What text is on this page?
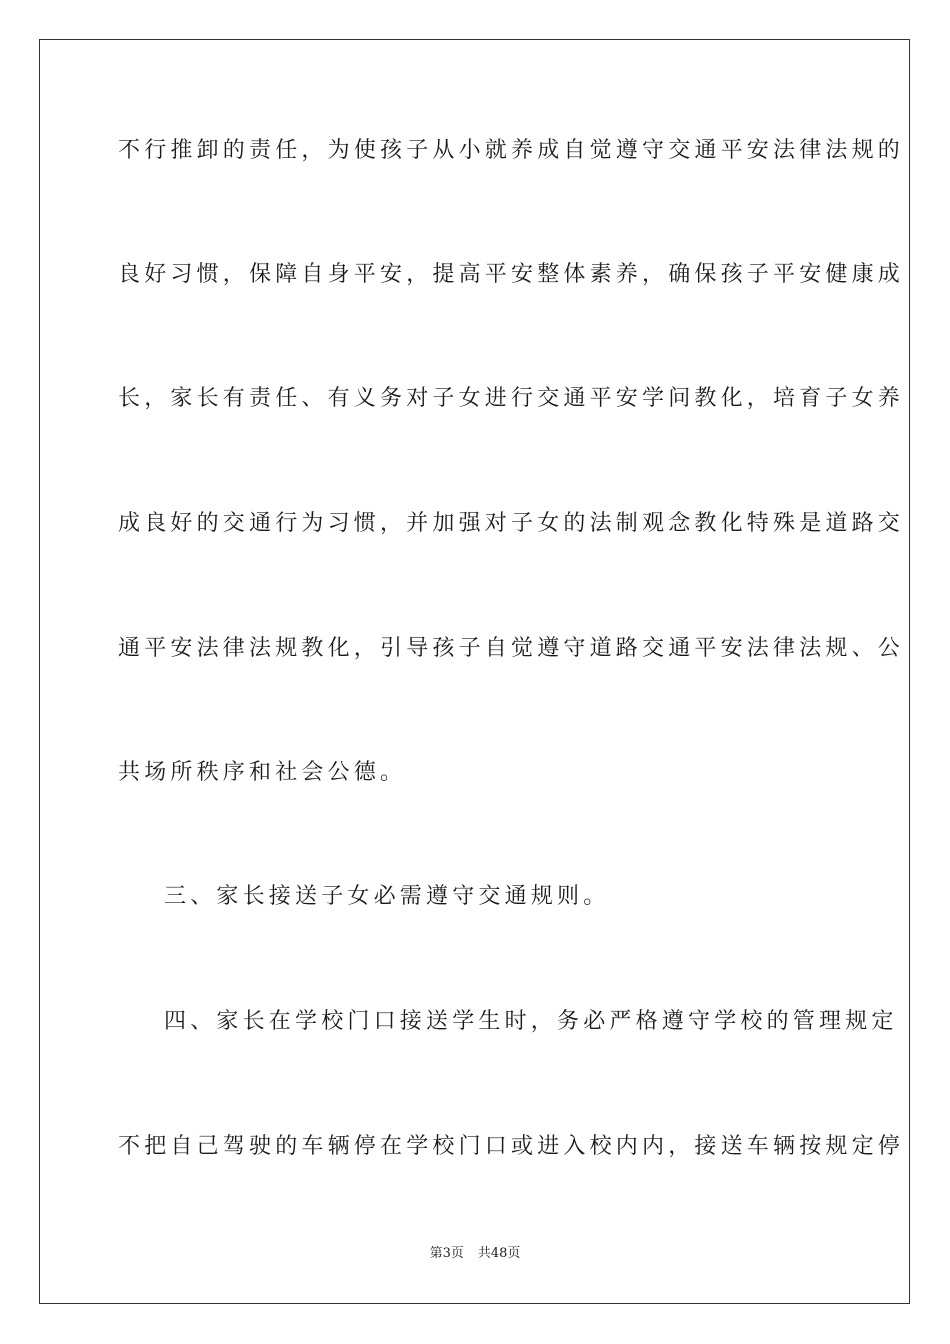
不行推卸的责任，为使孩子从小就养成自觉遵守交通平安法律法规的
良好习惯，保障自身平安，提高平安整体素养，确保孩子平安健康成
长，家长有责任、有义务对子女进行交通平安学问教化，培育子女养
成良好的交通行为习惯，并加强对子女的法制观念教化特殊是道路交
通平安法律法规教化，引导孩子自觉遵守道路交通平安法律法规、公
共场所秩序和社会公德。
三、家长接送子女必需遵守交通规则。
四、家长在学校门口接送学生时，务必严格遵守学校的管理规定
不把自己驾驶的车辆停在学校门口或进入校内内，接送车辆按规定停
第3页 共48页
